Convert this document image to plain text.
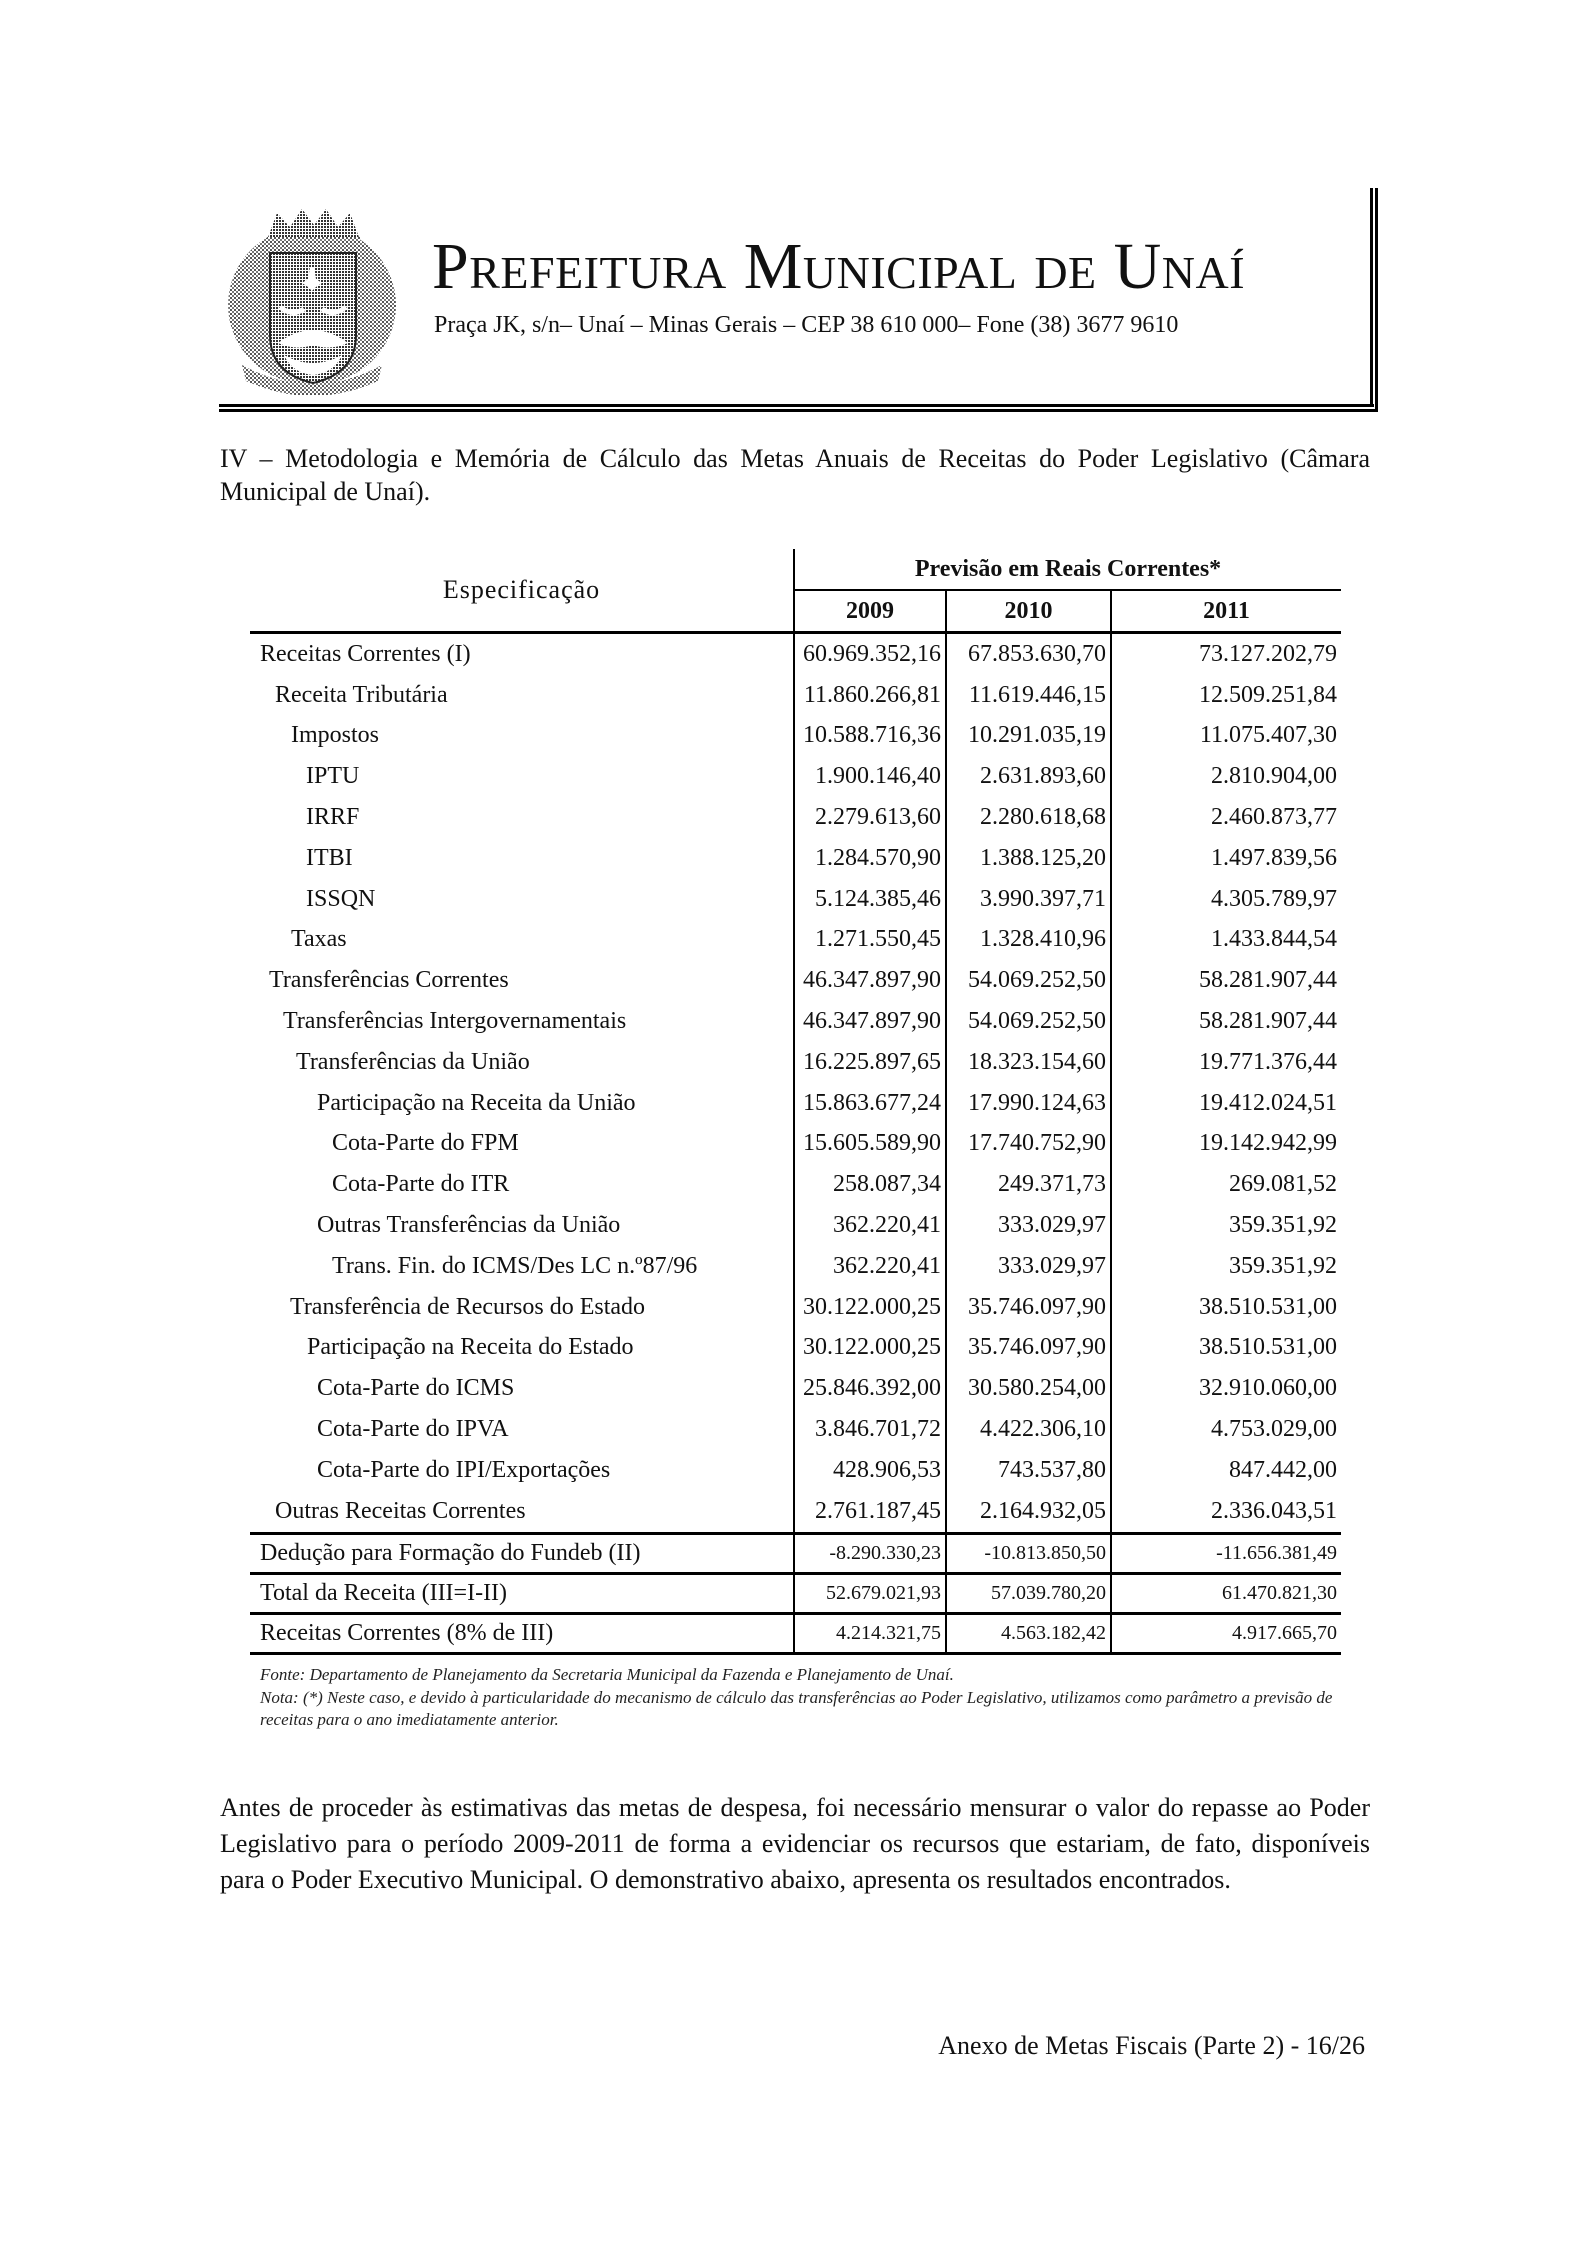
Prefeitura Municipal de Unaí
Praça JK, s/n– Unaí – Minas Gerais – CEP 38 610 000– Fone (38) 3677 9610
IV – Metodologia e Memória de Cálculo das Metas Anuais de Receitas do Poder Legislativo (Câmara Municipal de Unaí).
Especificação	Previsão em Reais Correntes*		
	2009	2010	2011
Receitas Correntes (I)	60.969.352,16	67.853.630,70	73.127.202,79
Receita Tributária	11.860.266,81	11.619.446,15	12.509.251,84
Impostos	10.588.716,36	10.291.035,19	11.075.407,30
IPTU	1.900.146,40	2.631.893,60	2.810.904,00
IRRF	2.279.613,60	2.280.618,68	2.460.873,77
ITBI	1.284.570,90	1.388.125,20	1.497.839,56
ISSQN	5.124.385,46	3.990.397,71	4.305.789,97
Taxas	1.271.550,45	1.328.410,96	1.433.844,54
Transferências Correntes	46.347.897,90	54.069.252,50	58.281.907,44
Transferências Intergovernamentais	46.347.897,90	54.069.252,50	58.281.907,44
Transferências da União	16.225.897,65	18.323.154,60	19.771.376,44
Participação na Receita da União	15.863.677,24	17.990.124,63	19.412.024,51
Cota-Parte do FPM	15.605.589,90	17.740.752,90	19.142.942,99
Cota-Parte do ITR	258.087,34	249.371,73	269.081,52
Outras Transferências da União	362.220,41	333.029,97	359.351,92
Trans. Fin. do ICMS/Des LC n.º87/96	362.220,41	333.029,97	359.351,92
Transferência de Recursos do Estado	30.122.000,25	35.746.097,90	38.510.531,00
Participação na Receita do Estado	30.122.000,25	35.746.097,90	38.510.531,00
Cota-Parte do ICMS	25.846.392,00	30.580.254,00	32.910.060,00
Cota-Parte do IPVA	3.846.701,72	4.422.306,10	4.753.029,00
Cota-Parte do IPI/Exportações	428.906,53	743.537,80	847.442,00
Outras Receitas Correntes	2.761.187,45	2.164.932,05	2.336.043,51
Dedução para Formação do Fundeb (II)	-8.290.330,23	-10.813.850,50	-11.656.381,49
Total da Receita (III=I-II)	52.679.021,93	57.039.780,20	61.470.821,30
Receitas Correntes (8% de III)	4.214.321,75	4.563.182,42	4.917.665,70
Fonte: Departamento de Planejamento da Secretaria Municipal da Fazenda e Planejamento de Unaí.
Nota: (*) Neste caso, e devido à particularidade do mecanismo de cálculo das transferências ao Poder Legislativo, utilizamos como parâmetro a previsão de receitas para o ano imediatamente anterior.
Antes de proceder às estimativas das metas de despesa, foi necessário mensurar o valor do repasse ao Poder Legislativo para o período 2009-2011 de forma a evidenciar os recursos que estariam, de fato, disponíveis para o Poder Executivo Municipal. O demonstrativo abaixo, apresenta os resultados encontrados.
Anexo de Metas Fiscais (Parte 2) - 16/26
